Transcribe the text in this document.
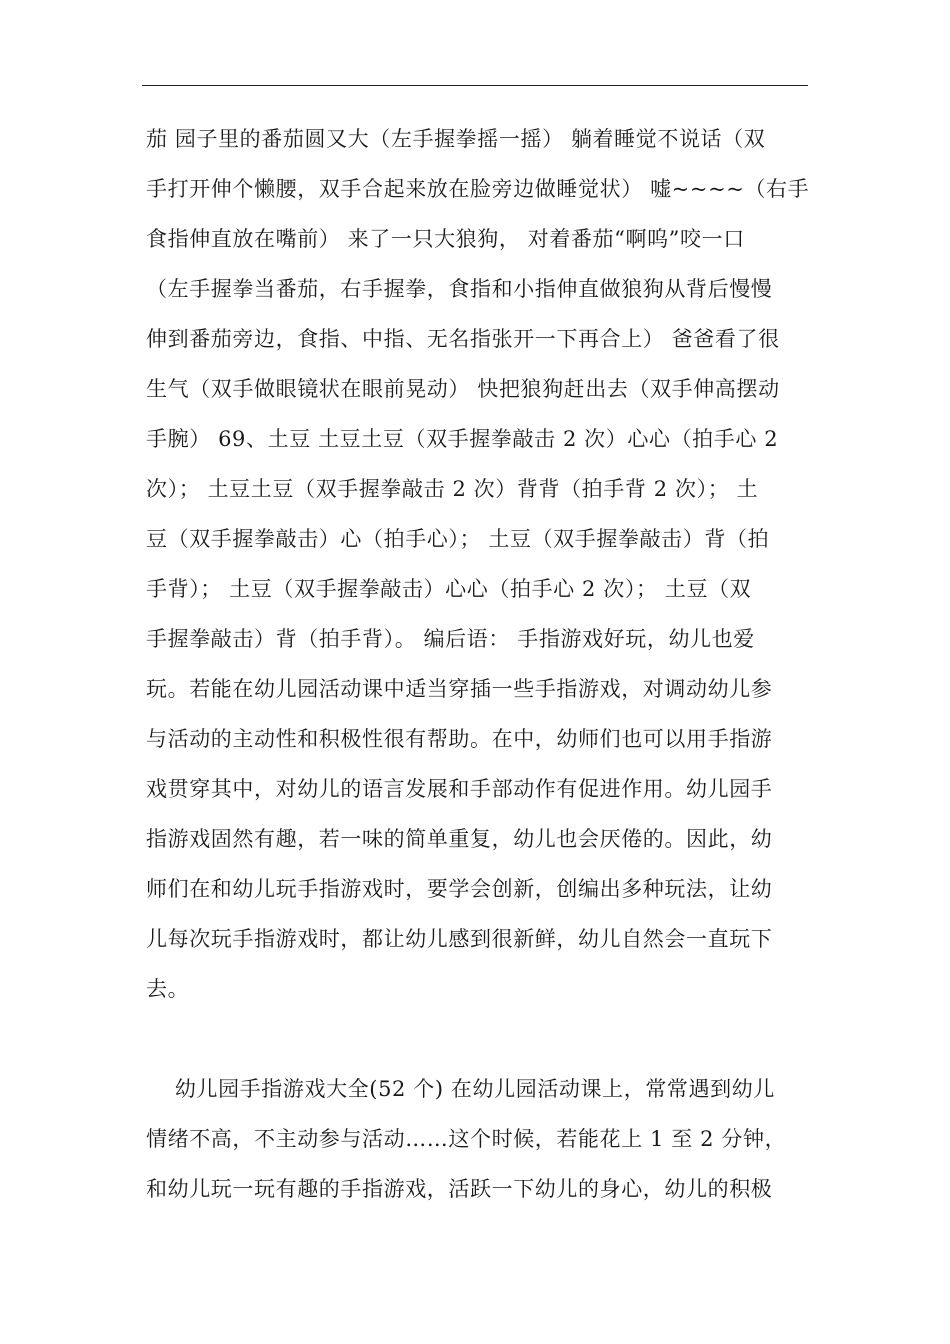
茄 园子里的番茄圆又大（左手握拳摇一摇） 躺着睡觉不说话（双

手打开伸个懒腰，双手合起来放在脸旁边做睡觉状） 嘘~~~~（右手

食指伸直放在嘴前） 来了一只大狼狗， 对着番茄“啊呜”咬一口

（左手握拳当番茄，右手握拳，食指和小指伸直做狼狗从背后慢慢

伸到番茄旁边，食指、中指、无名指张开一下再合上） 爸爸看了很

生气（双手做眼镜状在眼前晃动） 快把狼狗赶出去（双手伸高摆动

手腕） 69、土豆 土豆土豆（双手握拳敲击 2 次）心心（拍手心 2

次）； 土豆土豆（双手握拳敲击 2 次）背背（拍手背 2 次）； 土

豆（双手握拳敲击）心（拍手心）； 土豆（双手握拳敲击）背（拍

手背）； 土豆（双手握拳敲击）心心（拍手心 2 次）； 土豆（双

手握拳敲击）背（拍手背）。 编后语： 手指游戏好玩，幼儿也爱

玩。若能在幼儿园活动课中适当穿插一些手指游戏，对调动幼儿参

与活动的主动性和积极性很有帮助。在中，幼师们也可以用手指游

戏贯穿其中，对幼儿的语言发展和手部动作有促进作用。幼儿园手

指游戏固然有趣，若一味的简单重复，幼儿也会厌倦的。因此，幼

师们在和幼儿玩手指游戏时，要学会创新，创编出多种玩法，让幼

儿每次玩手指游戏时，都让幼儿感到很新鲜，幼儿自然会一直玩下

去。

　 幼儿园手指游戏大全(52 个) 在幼儿园活动课上，常常遇到幼儿

情绪不高，不主动参与活动……这个时候，若能花上 1 至 2 分钟，

和幼儿玩一玩有趣的手指游戏，活跃一下幼儿的身心，幼儿的积极
